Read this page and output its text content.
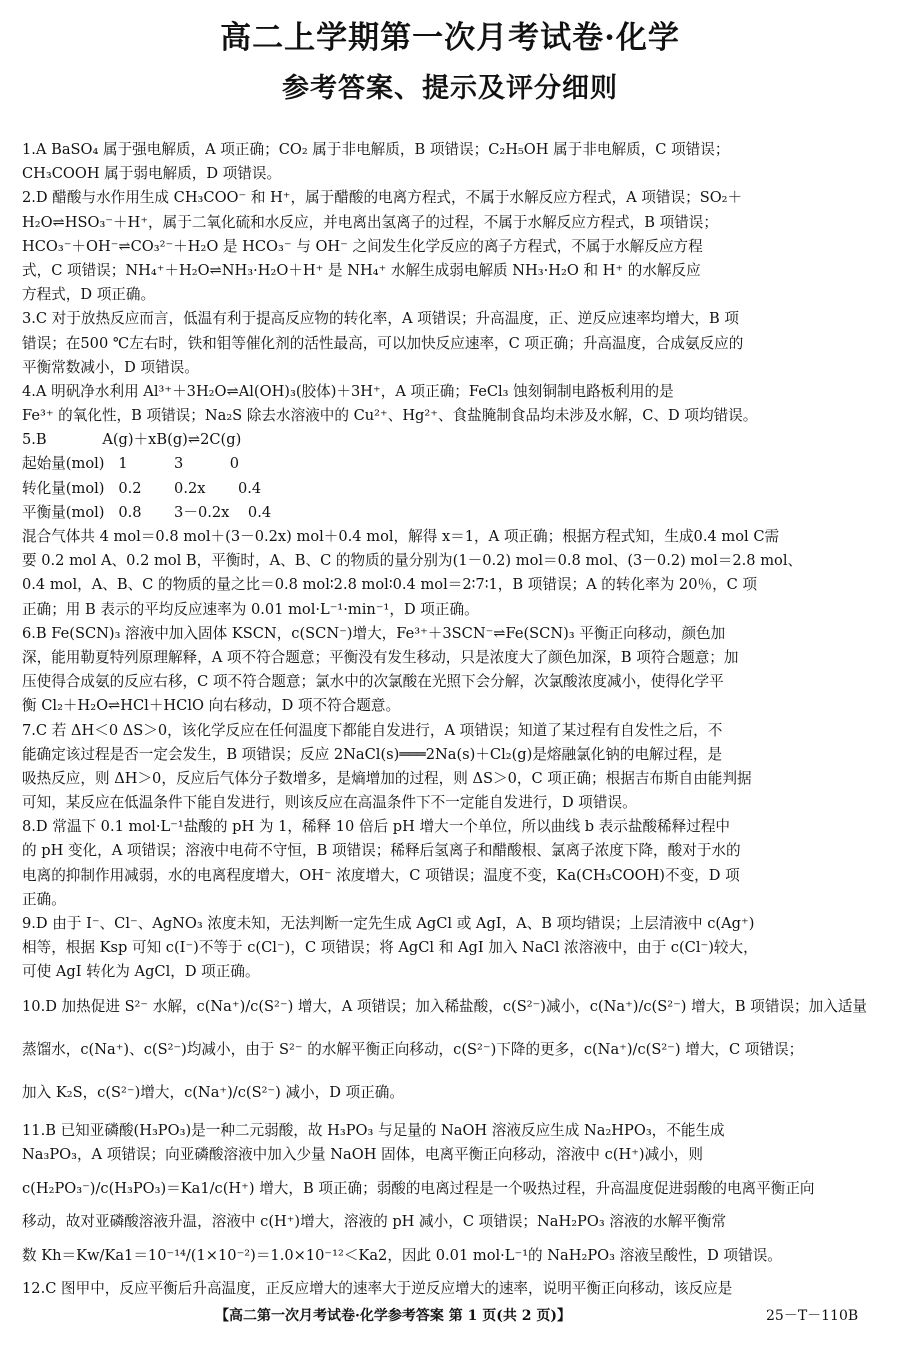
高二上学期第一次月考试卷·化学
参考答案、提示及评分细则
1.A BaSO₄ 属于强电解质，A 项正确；CO₂ 属于非电解质，B 项错误；C₂H₅OH 属于非电解质，C 项错误；
CH₃COOH 属于弱电解质，D 项错误。
2.D 醋酸与水作用生成 CH₃COO⁻ 和 H⁺，属于醋酸的电离方程式，不属于水解反应方程式，A 项错误；SO₂＋
H₂O⇌HSO₃⁻＋H⁺，属于二氧化硫和水反应，并电离出氢离子的过程，不属于水解反应方程式，B 项错误；
HCO₃⁻＋OH⁻⇌CO₃²⁻＋H₂O 是 HCO₃⁻ 与 OH⁻ 之间发生化学反应的离子方程式，不属于水解反应方程
式，C 项错误；NH₄⁺＋H₂O⇌NH₃·H₂O＋H⁺ 是 NH₄⁺ 水解生成弱电解质 NH₃·H₂O 和 H⁺ 的水解反应
方程式，D 项正确。
3.C 对于放热反应而言，低温有利于提高反应物的转化率，A 项错误；升高温度，正、逆反应速率均增大，B 项
错误；在500 ℃左右时，铁和钼等催化剂的活性最高，可以加快反应速率，C 项正确；升高温度，合成氨反应的
平衡常数减小，D 项错误。
4.A 明矾净水利用 Al³⁺＋3H₂O⇌Al(OH)₃(胶体)＋3H⁺，A 项正确；FeCl₃ 蚀刻铜制电路板利用的是
Fe³⁺ 的氧化性，B 项错误；Na₂S 除去水溶液中的 Cu²⁺、Hg²⁺、食盐腌制食品均未涉及水解，C、D 项均错误。
5.B            A(g)＋xB(g)⇌2C(g)
起始量(mol)   1          3          0
转化量(mol)   0.2       0.2x       0.4
平衡量(mol)   0.8       3－0.2x    0.4
混合气体共 4 mol＝0.8 mol＋(3－0.2x) mol＋0.4 mol，解得 x＝1，A 项正确；根据方程式知，生成0.4 mol C需
要 0.2 mol A、0.2 mol B，平衡时，A、B、C 的物质的量分别为(1－0.2) mol＝0.8 mol、(3－0.2) mol＝2.8 mol、
0.4 mol，A、B、C 的物质的量之比＝0.8 mol∶2.8 mol∶0.4 mol＝2∶7∶1，B 项错误；A 的转化率为 20％，C 项
正确；用 B 表示的平均反应速率为 0.01 mol·L⁻¹·min⁻¹，D 项正确。
6.B Fe(SCN)₃ 溶液中加入固体 KSCN，c(SCN⁻)增大，Fe³⁺＋3SCN⁻⇌Fe(SCN)₃ 平衡正向移动，颜色加
深，能用勒夏特列原理解释，A 项不符合题意；平衡没有发生移动，只是浓度大了颜色加深，B 项符合题意；加
压使得合成氨的反应右移，C 项不符合题意；氯水中的次氯酸在光照下会分解，次氯酸浓度减小，使得化学平
衡 Cl₂＋H₂O⇌HCl＋HClO 向右移动，D 项不符合题意。
7.C 若 ΔH＜0 ΔS＞0，该化学反应在任何温度下都能自发进行，A 项错误；知道了某过程有自发性之后，不
能确定该过程是否一定会发生，B 项错误；反应 2NaCl(s)═══2Na(s)＋Cl₂(g)是熔融氯化钠的电解过程，是
吸热反应，则 ΔH＞0，反应后气体分子数增多，是熵增加的过程，则 ΔS＞0，C 项正确；根据吉布斯自由能判据
可知，某反应在低温条件下能自发进行，则该反应在高温条件下不一定能自发进行，D 项错误。
8.D 常温下 0.1 mol·L⁻¹盐酸的 pH 为 1，稀释 10 倍后 pH 增大一个单位，所以曲线 b 表示盐酸稀释过程中
的 pH 变化，A 项错误；溶液中电荷不守恒，B 项错误；稀释后氢离子和醋酸根、氯离子浓度下降，酸对于水的
电离的抑制作用减弱，水的电离程度增大，OH⁻ 浓度增大，C 项错误；温度不变，Ka(CH₃COOH)不变，D 项
正确。
9.D 由于 I⁻、Cl⁻、AgNO₃ 浓度未知，无法判断一定先生成 AgCl 或 AgI，A、B 项均错误；上层清液中 c(Ag⁺)
相等，根据 Ksp 可知 c(I⁻)不等于 c(Cl⁻)，C 项错误；将 AgCl 和 AgI 加入 NaCl 浓溶液中，由于 c(Cl⁻)较大，
可使 AgI 转化为 AgCl，D 项正确。
10.D 加热促进 S²⁻ 水解，c(Na⁺)/c(S²⁻) 增大，A 项错误；加入稀盐酸，c(S²⁻)减小，c(Na⁺)/c(S²⁻) 增大，B 项错误；加入适量
蒸馏水，c(Na⁺)、c(S²⁻)均减小，由于 S²⁻ 的水解平衡正向移动，c(S²⁻)下降的更多，c(Na⁺)/c(S²⁻) 增大，C 项错误；
加入 K₂S，c(S²⁻)增大，c(Na⁺)/c(S²⁻) 减小，D 项正确。
11.B 已知亚磷酸(H₃PO₃)是一种二元弱酸，故 H₃PO₃ 与足量的 NaOH 溶液反应生成 Na₂HPO₃，不能生成
Na₃PO₃，A 项错误；向亚磷酸溶液中加入少量 NaOH 固体，电离平衡正向移动，溶液中 c(H⁺)减小，则
c(H₂PO₃⁻)/c(H₃PO₃)＝Ka1/c(H⁺) 增大，B 项正确；弱酸的电离过程是一个吸热过程，升高温度促进弱酸的电离平衡正向
移动，故对亚磷酸溶液升温，溶液中 c(H⁺)增大，溶液的 pH 减小，C 项错误；NaH₂PO₃ 溶液的水解平衡常
数 Kh＝Kw/Ka1＝10⁻¹⁴/(1×10⁻²)＝1.0×10⁻¹²＜Ka2，因此 0.01 mol·L⁻¹的 NaH₂PO₃ 溶液呈酸性，D 项错误。
12.C 图甲中，反应平衡后升高温度，正反应增大的速率大于逆反应增大的速率，说明平衡正向移动，该反应是
【高二第一次月考试卷·化学参考答案 第 1 页(共 2 页)】	25－T－110B
